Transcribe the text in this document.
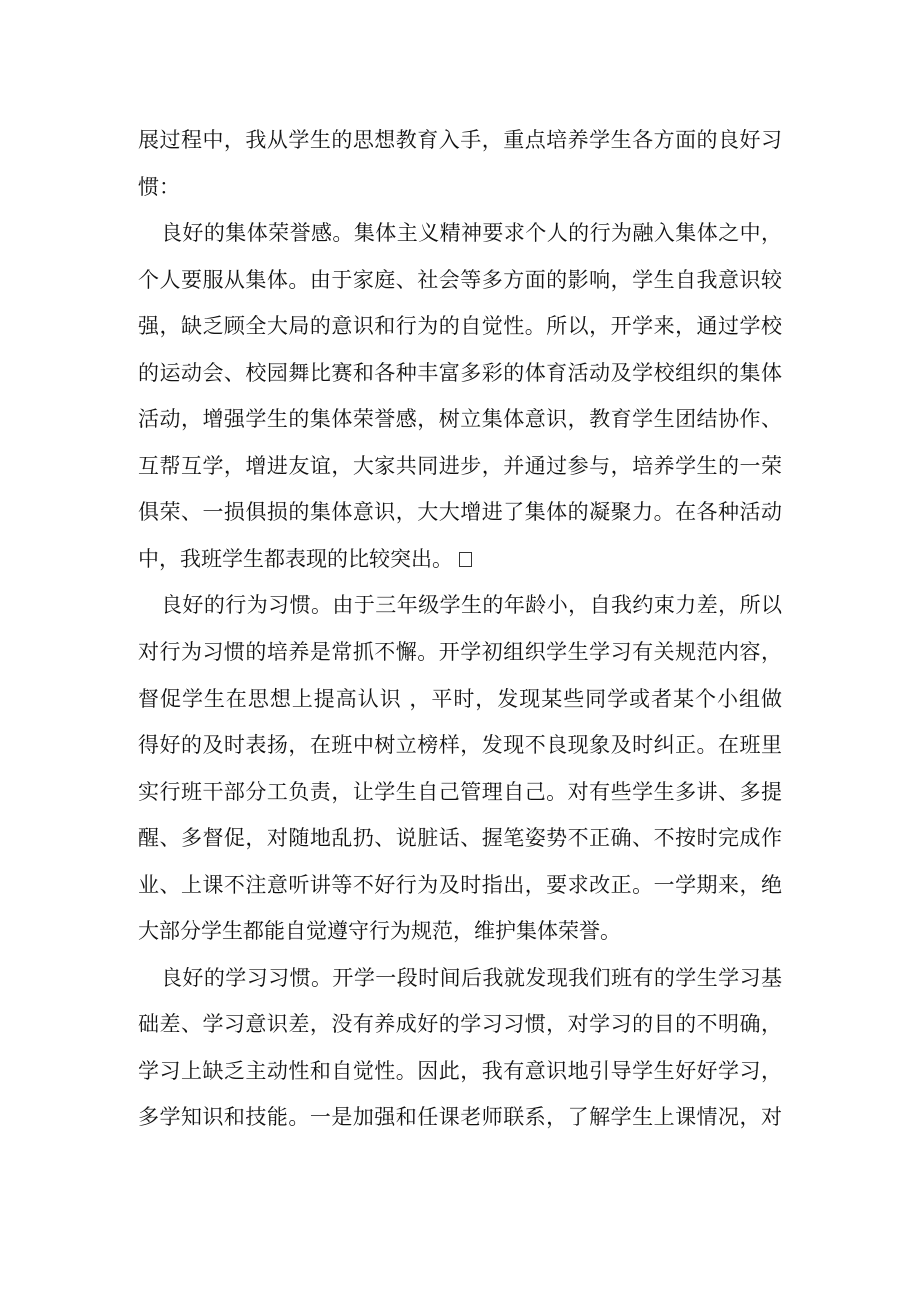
展过程中，我从学生的思想教育入手，重点培养学生各方面的良好习
惯：
良好的集体荣誉感。集体主义精神要求个人的行为融入集体之中，
个人要服从集体。由于家庭、社会等多方面的影响，学生自我意识较
强，缺乏顾全大局的意识和行为的自觉性。所以，开学来，通过学校
的运动会、校园舞比赛和各种丰富多彩的体育活动及学校组织的集体
活动，增强学生的集体荣誉感，树立集体意识，教育学生团结协作、
互帮互学，增进友谊，大家共同进步，并通过参与，培养学生的一荣
俱荣、一损俱损的集体意识，大大增进了集体的凝聚力。在各种活动
中，我班学生都表现的比较突出。
良好的行为习惯。由于三年级学生的年龄小，自我约束力差，所以
对行为习惯的培养是常抓不懈。开学初组织学生学习有关规范内容，
督促学生在思想上提高认识 ，平时，发现某些同学或者某个小组做
得好的及时表扬，在班中树立榜样，发现不良现象及时纠正。在班里
实行班干部分工负责，让学生自己管理自己。对有些学生多讲、多提
醒、多督促，对随地乱扔、说脏话、握笔姿势不正确、不按时完成作
业、上课不注意听讲等不好行为及时指出，要求改正。一学期来，绝
大部分学生都能自觉遵守行为规范，维护集体荣誉。
良好的学习习惯。开学一段时间后我就发现我们班有的学生学习基
础差、学习意识差，没有养成好的学习习惯，对学习的目的不明确，
学习上缺乏主动性和自觉性。因此，我有意识地引导学生好好学习，
多学知识和技能。一是加强和任课老师联系，了解学生上课情况，对
